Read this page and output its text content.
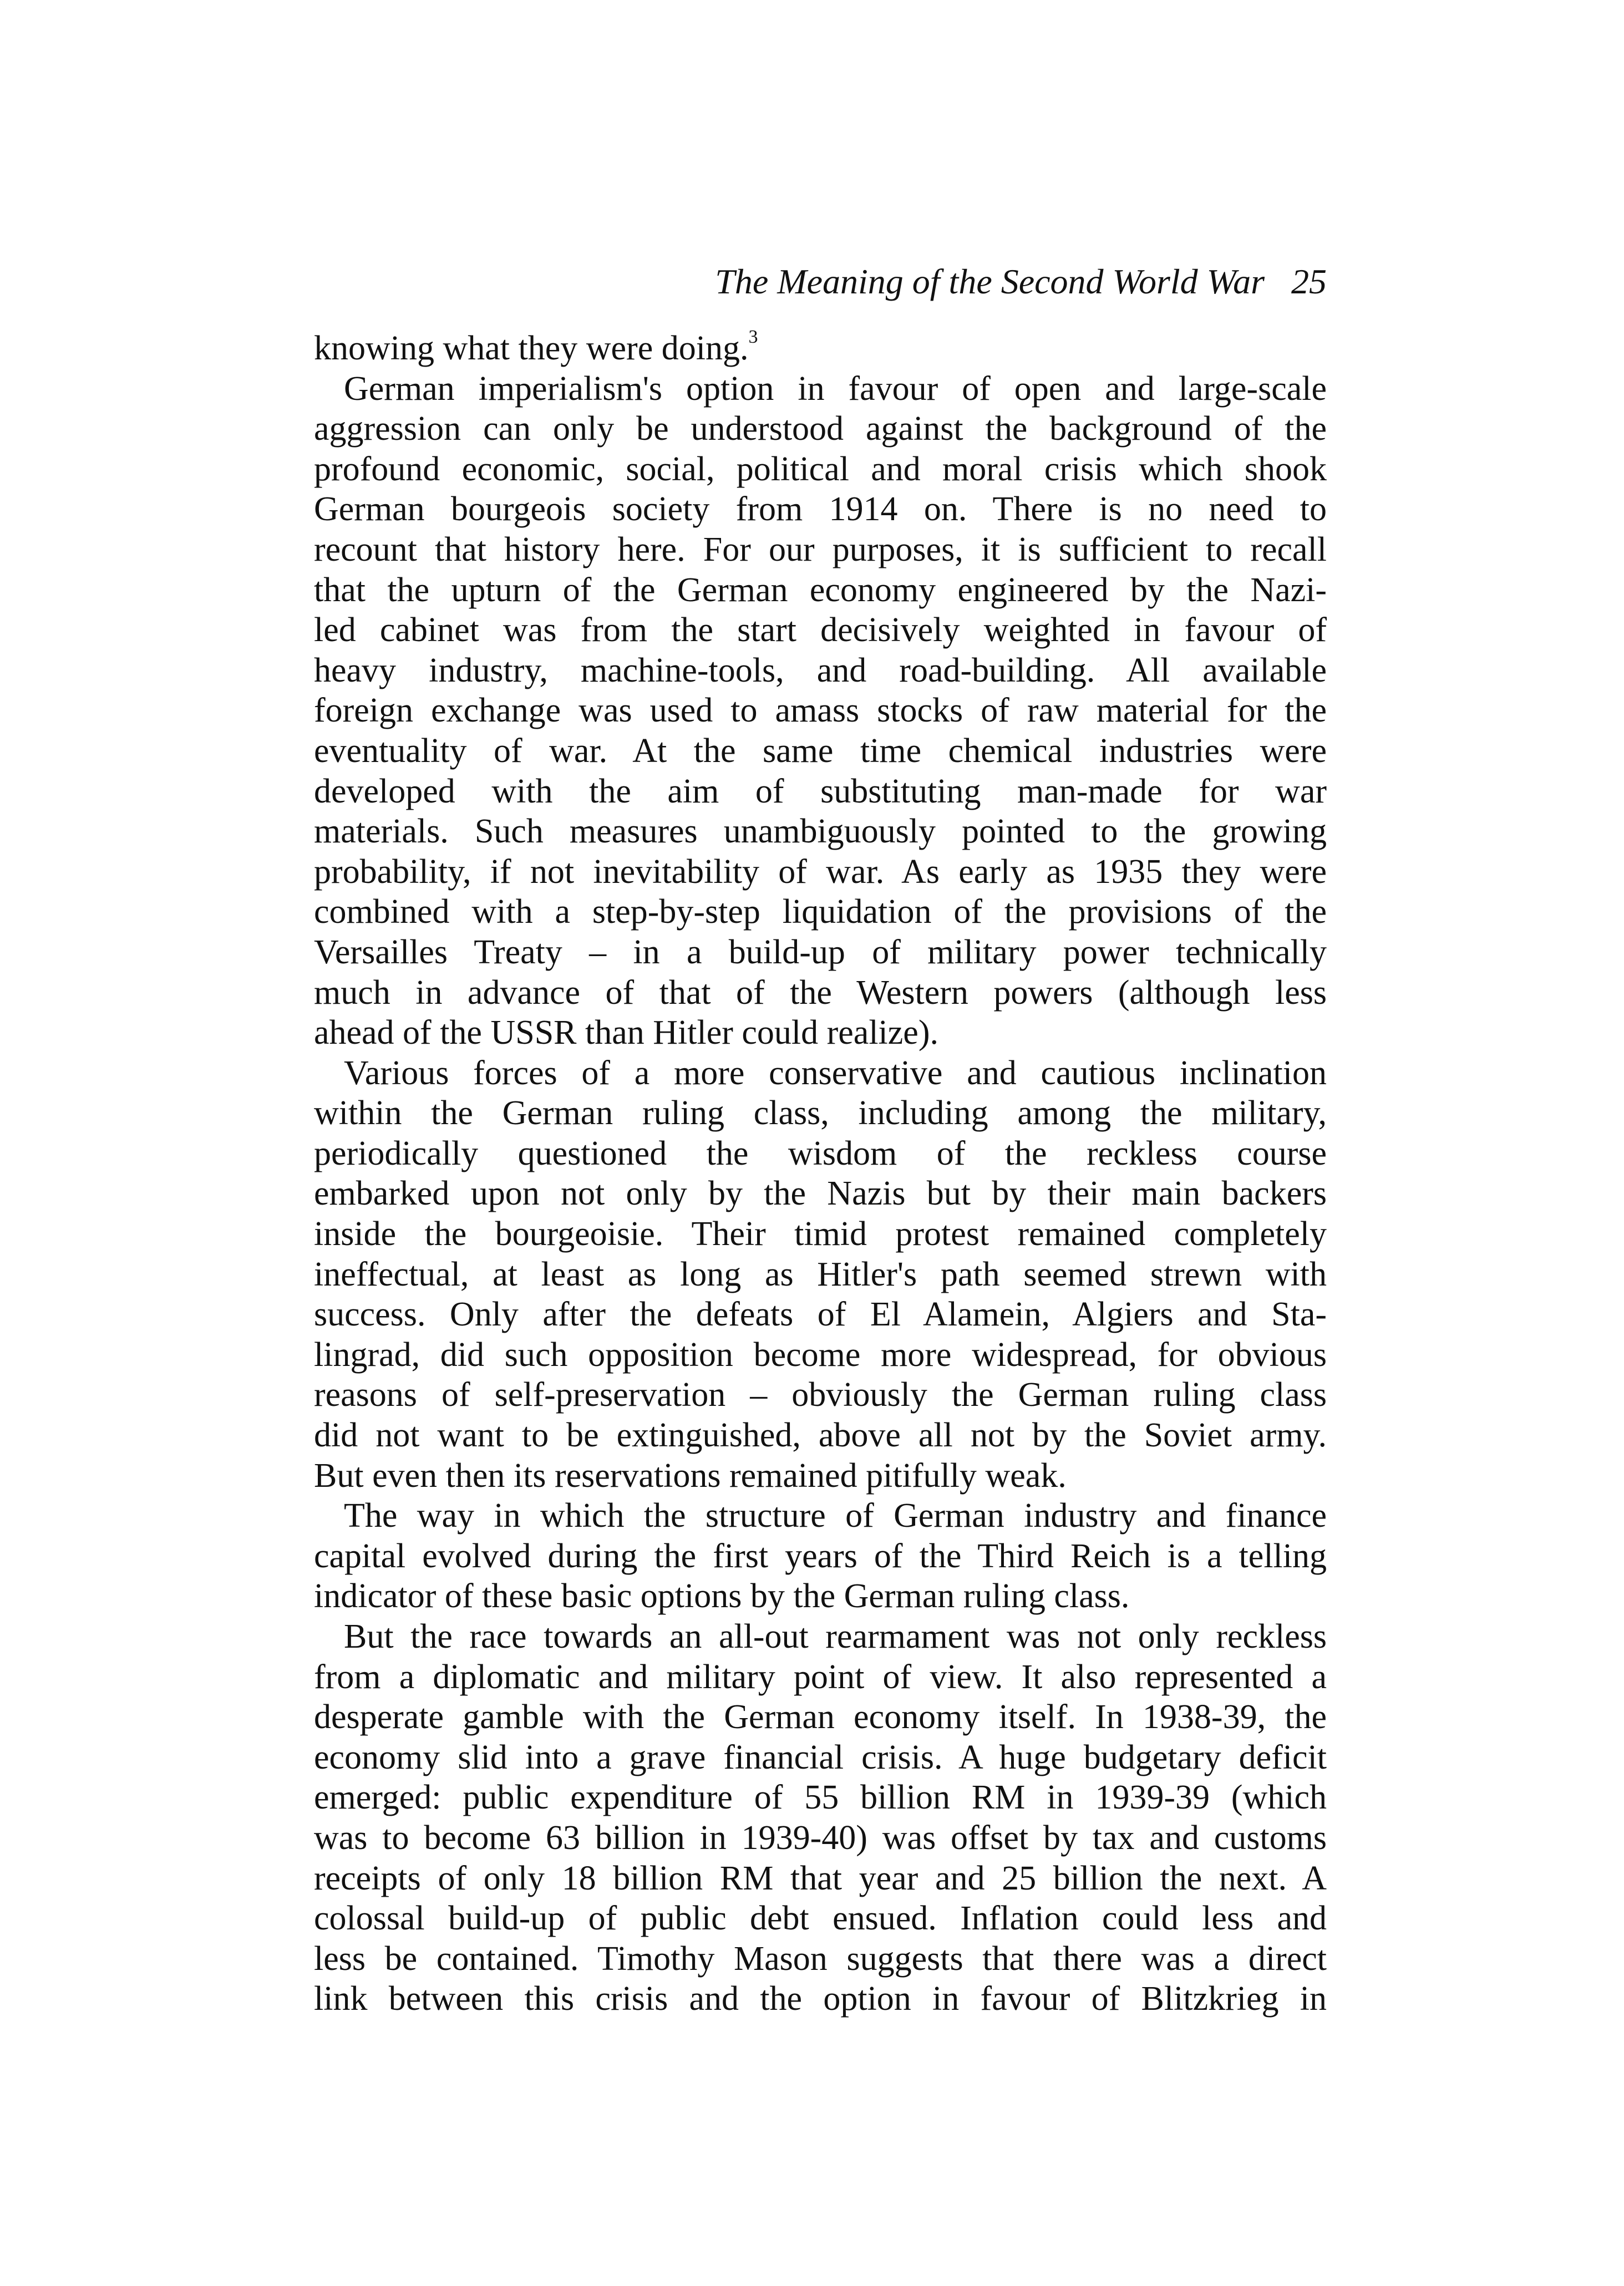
The Meaning of the Second World War 25
knowing what they were doing.$^3$
German imperialism's option in favour of open and large-scale
aggression can only be understood against the background of the
profound economic, social, political and moral crisis which shook
German bourgeois society from 1914 on. There is no need to
recount that history here. For our purposes, it is sufficient to recall
that the upturn of the German economy engineered by the Nazi-
led cabinet was from the start decisively weighted in favour of
heavy industry, machine-tools, and road-building. All available
foreign exchange was used to amass stocks of raw material for the
eventuality of war. At the same time chemical industries were
developed with the aim of substituting man-made for war
materials. Such measures unambiguously pointed to the growing
probability, if not inevitability of war. As early as 1935 they were
combined with a step-by-step liquidation of the provisions of the
Versailles Treaty – in a build-up of military power technically
much in advance of that of the Western powers (although less
ahead of the USSR than Hitler could realize).
Various forces of a more conservative and cautious inclination
within the German ruling class, including among the military,
periodically questioned the wisdom of the reckless course
embarked upon not only by the Nazis but by their main backers
inside the bourgeoisie. Their timid protest remained completely
ineffectual, at least as long as Hitler's path seemed strewn with
success. Only after the defeats of El Alamein, Algiers and Sta-
lingrad, did such opposition become more widespread, for obvious
reasons of self-preservation – obviously the German ruling class
did not want to be extinguished, above all not by the Soviet army.
But even then its reservations remained pitifully weak.
The way in which the structure of German industry and finance
capital evolved during the first years of the Third Reich is a telling
indicator of these basic options by the German ruling class.
But the race towards an all-out rearmament was not only reckless
from a diplomatic and military point of view. It also represented a
desperate gamble with the German economy itself. In 1938-39, the
economy slid into a grave financial crisis. A huge budgetary deficit
emerged: public expenditure of 55 billion RM in 1939-39 (which
was to become 63 billion in 1939-40) was offset by tax and customs
receipts of only 18 billion RM that year and 25 billion the next. A
colossal build-up of public debt ensued. Inflation could less and
less be contained. Timothy Mason suggests that there was a direct
link between this crisis and the option in favour of Blitzkrieg in
